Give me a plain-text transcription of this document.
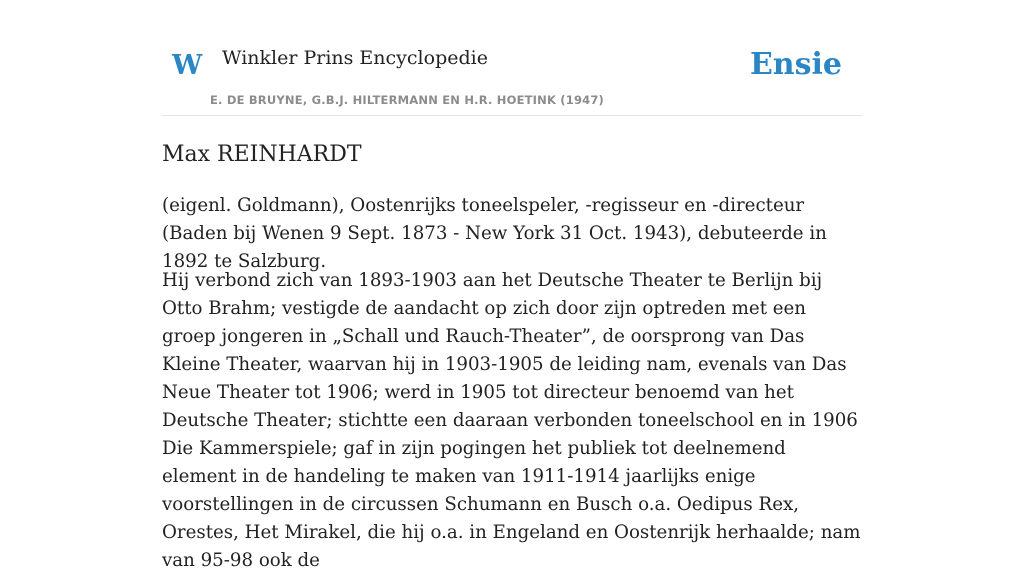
W Winkler Prins Encyclopedie
E. DE BRUYNE, G.B.J. HILTERMANN EN H.R. HOETINK (1947)
Ensie
Max REINHARDT

(eigenl. Goldmann), Oostenrijks toneelspeler, -regisseur en -directeur (Baden bij Wenen 9 Sept. 1873 - New York 31 Oct. 1943), debuteerde in 1892 te Salzburg.

Hij verbond zich van 1893-1903 aan het Deutsche Theater te Berlijn bij Otto Brahm; vestigde de aandacht op zich door zijn optreden met een groep jongeren in „Schall und Rauch-Theater”, de oorsprong van Das Kleine Theater, waarvan hij in 1903-1905 de leiding nam, evenals van Das Neue Theater tot 1906; werd in 1905 tot directeur benoemd van het Deutsche Theater; stichtte een daaraan verbonden toneelschool en in 1906 Die Kammerspiele; gaf in zijn pogingen het publiek tot deelnemend element in de handeling te maken van 1911-1914 jaarlijks enige voorstellingen in de circussen Schumann en Busch o.a. Oedipus Rex, Orestes, Het Mirakel, die hij o.a. in Engeland en Oostenrijk herhaalde; nam van 95-98 ook de
